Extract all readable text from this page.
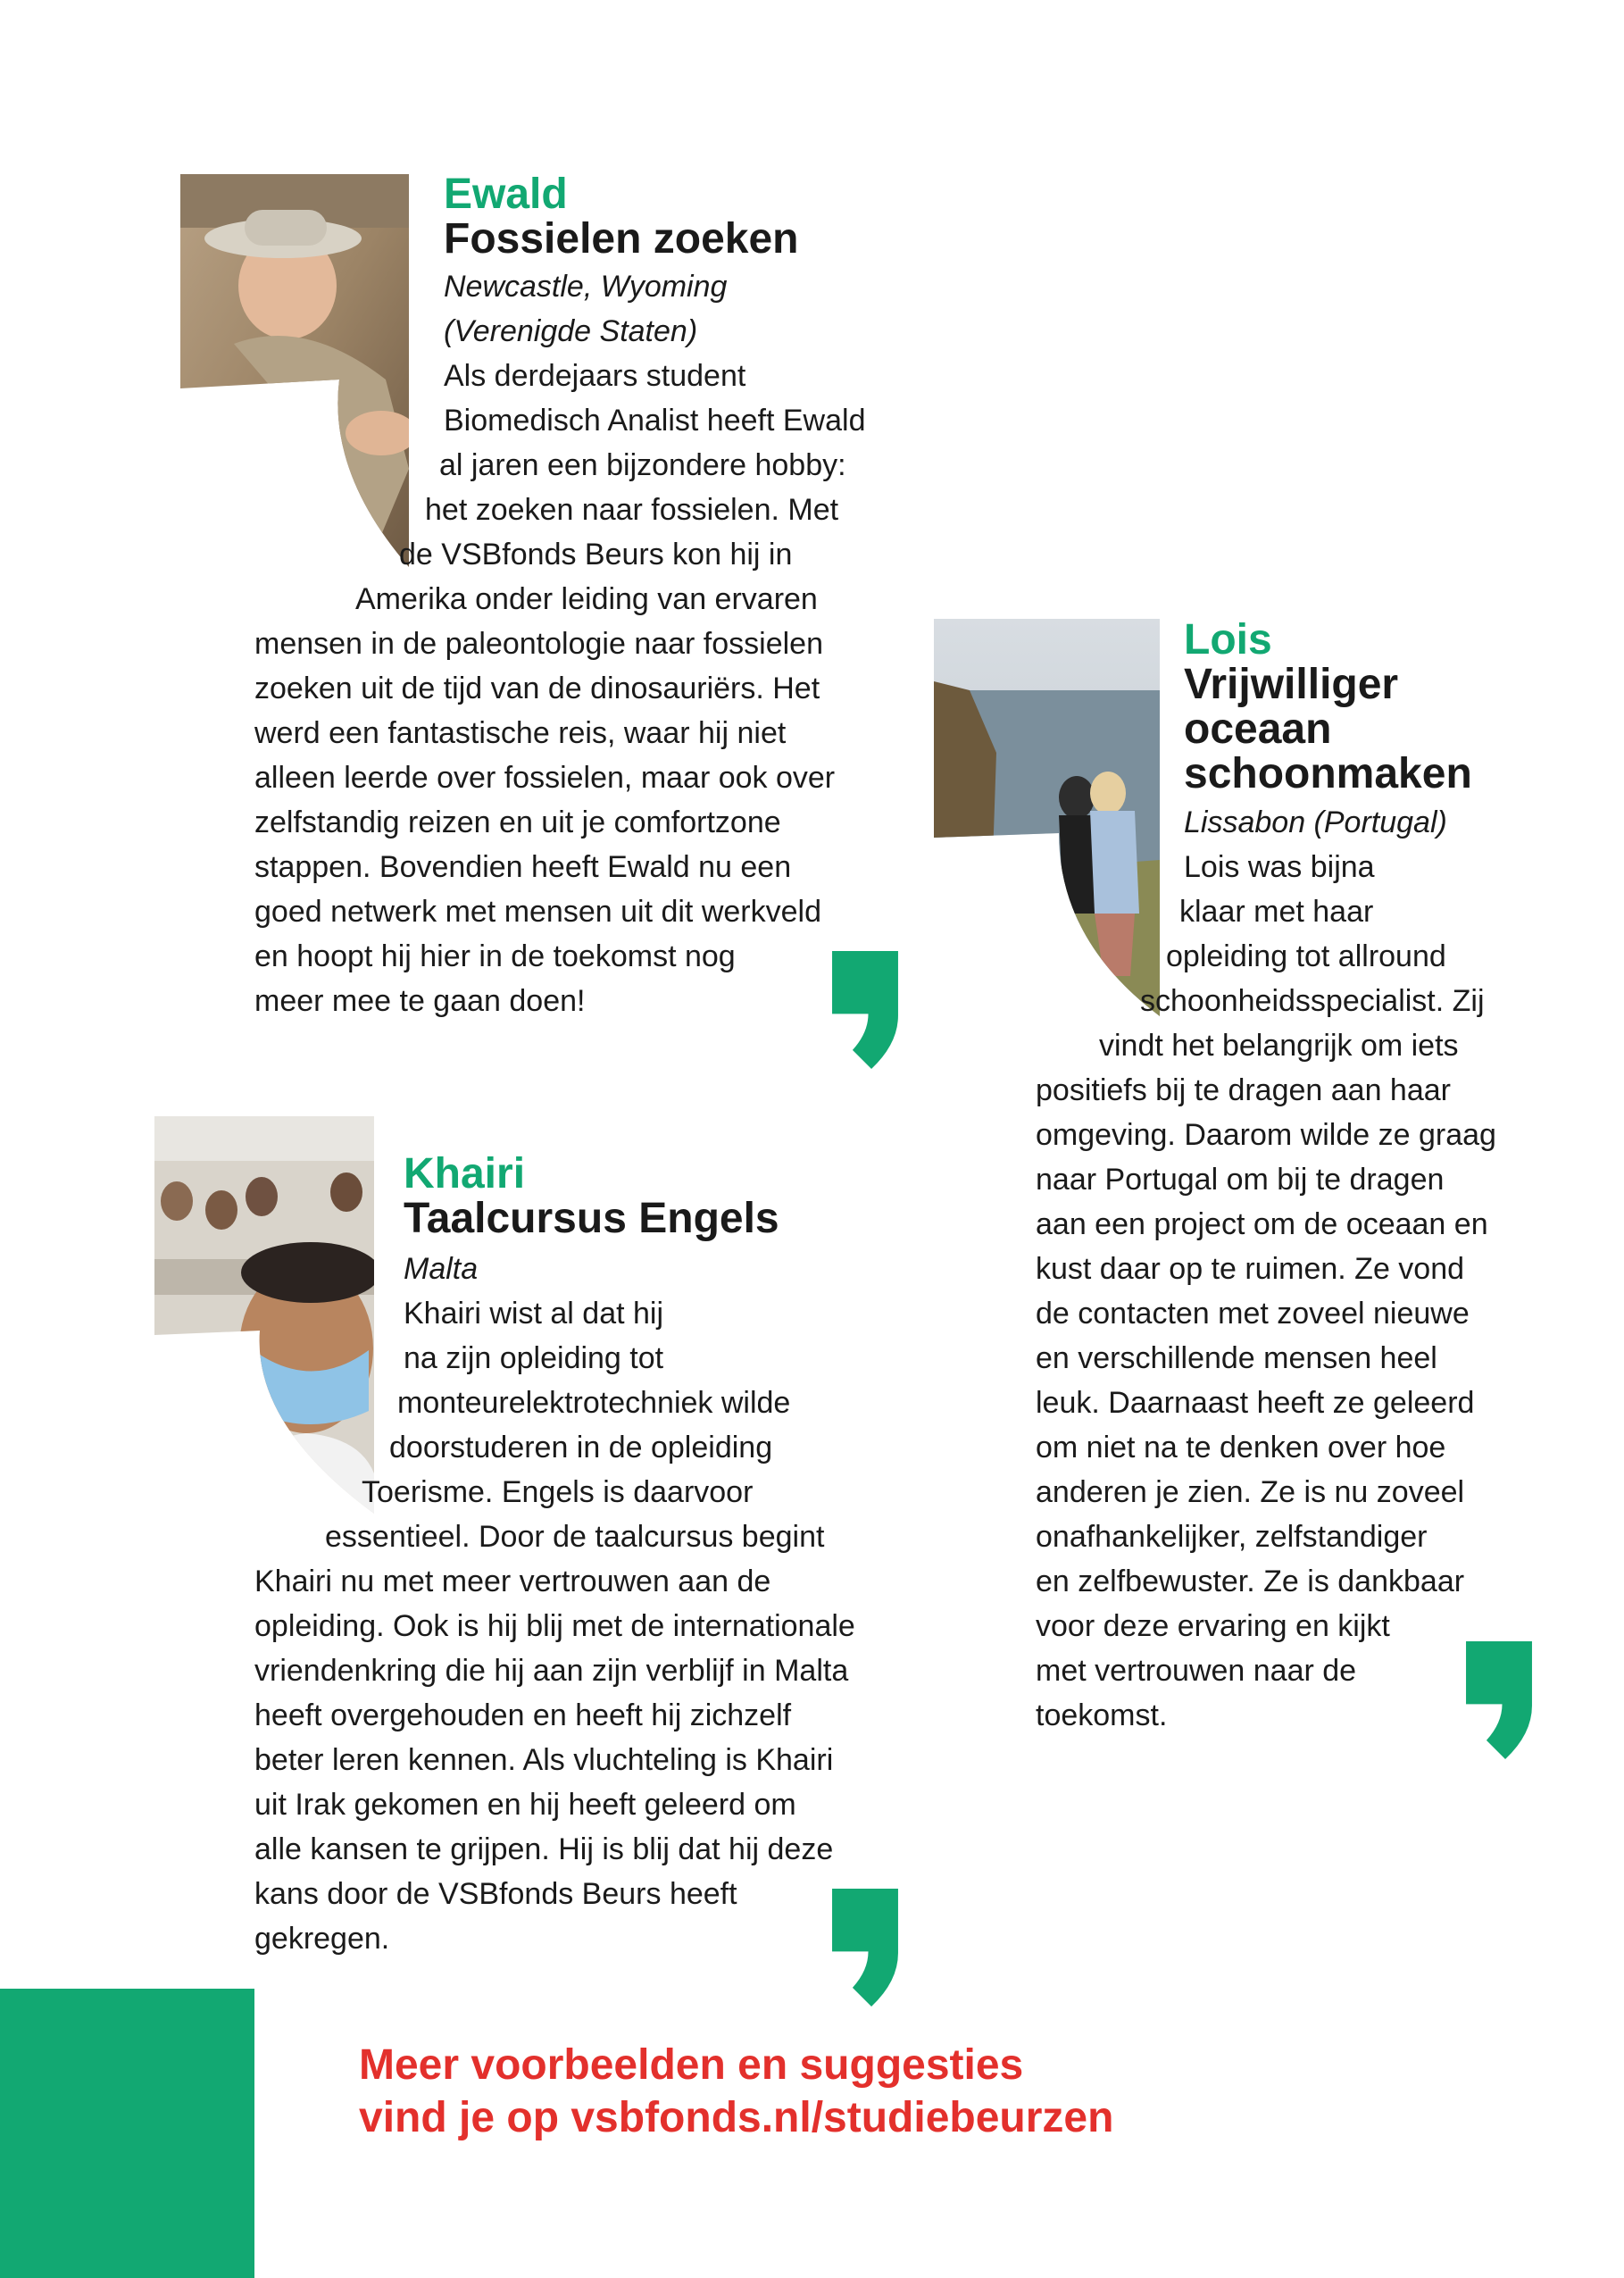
Ewald
Fossielen zoeken
Newcastle, Wyoming
(Verenigde Staten)
Als derdejaars student
Biomedisch Analist heeft Ewald
al jaren een bijzondere hobby:
het zoeken naar fossielen. Met
de VSBfonds Beurs kon hij in
Amerika onder leiding van ervaren
mensen in de paleontologie naar fossielen
zoeken uit de tijd van de dinosauriërs. Het
werd een fantastische reis, waar hij niet
alleen leerde over fossielen, maar ook over
zelfstandig reizen en uit je comfortzone
stappen. Bovendien heeft Ewald nu een
goed netwerk met mensen uit dit werkveld
en hoopt hij hier in de toekomst nog
meer mee te gaan doen!
Lois
Vrijwilliger
oceaan
schoonmaken
Lissabon (Portugal)
Lois was bijna
klaar met haar
opleiding tot allround
schoonheidsspecialist. Zij
vindt het belangrijk om iets
positiefs bij te dragen aan haar
omgeving. Daarom wilde ze graag
naar Portugal om bij te dragen
aan een project om de oceaan en
kust daar op te ruimen. Ze vond
de contacten met zoveel nieuwe
en verschillende mensen heel
leuk. Daarnaast heeft ze geleerd
om niet na te denken over hoe
anderen je zien. Ze is nu zoveel
onafhankelijker, zelfstandiger
en zelfbewuster. Ze is dankbaar
voor deze ervaring en kijkt
met vertrouwen naar de
toekomst.
Khairi
Taalcursus Engels
Malta
Khairi wist al dat hij
na zijn opleiding tot
monteurelektrotechniek wilde
doorstuderen in de opleiding
Toerisme. Engels is daarvoor
essentieel. Door de taalcursus begint
Khairi nu met meer vertrouwen aan de
opleiding. Ook is hij blij met de internationale
vriendenkring die hij aan zijn verblijf in Malta
heeft overgehouden en heeft hij zichzelf
beter leren kennen. Als vluchteling is Khairi
uit Irak gekomen en hij heeft geleerd om
alle kansen te grijpen. Hij is blij dat hij deze
kans door de VSBfonds Beurs heeft
gekregen.
Meer voorbeelden en suggesties
vind je op vsbfonds.nl/studiebeurzen
